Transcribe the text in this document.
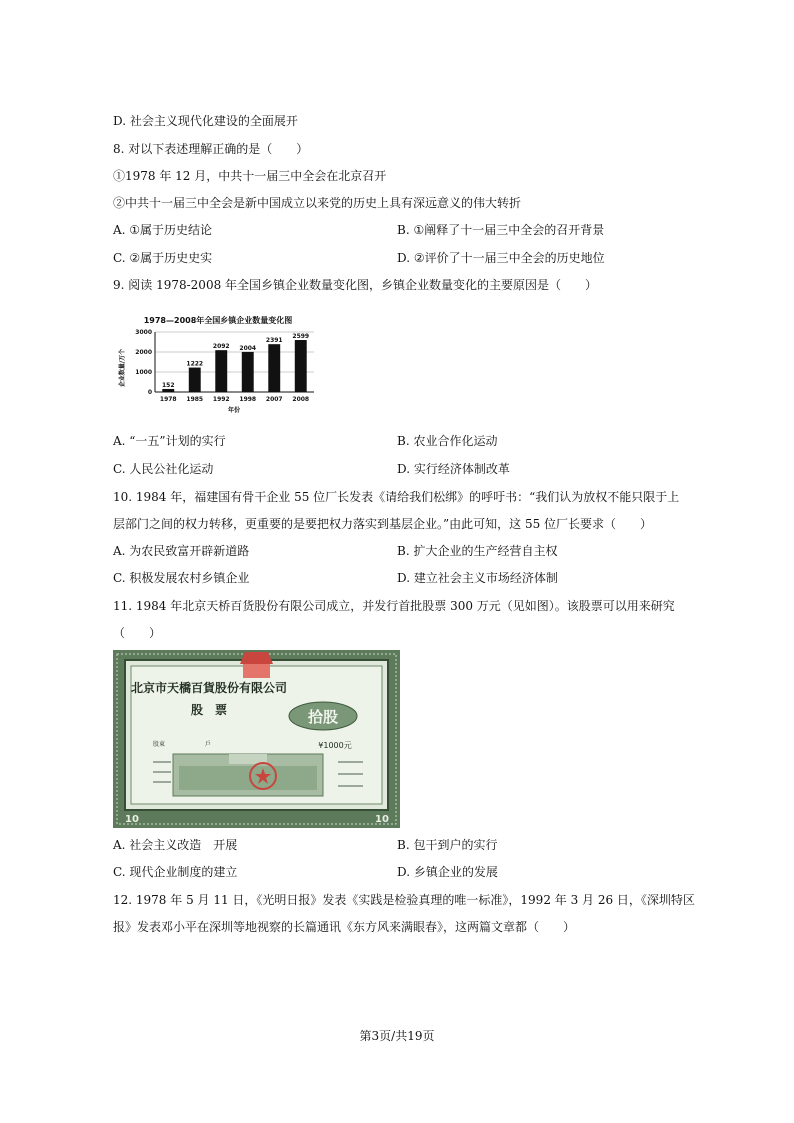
D. 社会主义现代化建设的全面展开
8. 对以下表述理解正确的是（　　）
①1978 年 12 月，中共十一届三中全会在北京召开
②中共十一届三中全会是新中国成立以来党的历史上具有深远意义的伟大转折
A. ①属于历史结论	B. ①阐释了十一届三中全会的召开背景
C. ②属于历史史实	D. ②评价了十一届三中全会的历史地位
9. 阅读 1978-2008 年全国乡镇企业数量变化图，乡镇企业数量变化的主要原因是（　　）
1978—2008年全国乡镇企业数量变化图
企业数量/万个
0
1000
2000
3000
152
1978
1222
1985
2092
1992
2004
1998
2391
2007
2599
2008
年份
A. “一五”计划的实行	B. 农业合作化运动
C. 人民公社化运动	D. 实行经济体制改革
10. 1984 年，福建国有骨干企业 55 位厂长发表《请给我们松绑》的呼吁书：“我们认为放权不能只限于上
层部门之间的权力转移，更重要的是要把权力落实到基层企业。”由此可知，这 55 位厂长要求（　　）
A. 为农民致富开辟新道路	B. 扩大企业的生产经营自主权
C. 积极发展农村乡镇企业	D. 建立社会主义市场经济体制
11. 1984 年北京天桥百货股份有限公司成立，并发行首批股票 300 万元（见如图）。该股票可以用来研究
（　　）
北京市天橋百貨股份有限公司
股　票	拾股
¥1000元
股東	戶
10	10
A. 社会主义改造　开展	B. 包干到户的实行
C. 现代企业制度的建立	D. 乡镇企业的发展
12. 1978 年 5 月 11 日，《光明日报》发表《实践是检验真理的唯一标准》，1992 年 3 月 26 日，《深圳特区
报》发表邓小平在深圳等地视察的长篇通讯《东方风来满眼春》，这两篇文章都（　　）
第3页/共19页
